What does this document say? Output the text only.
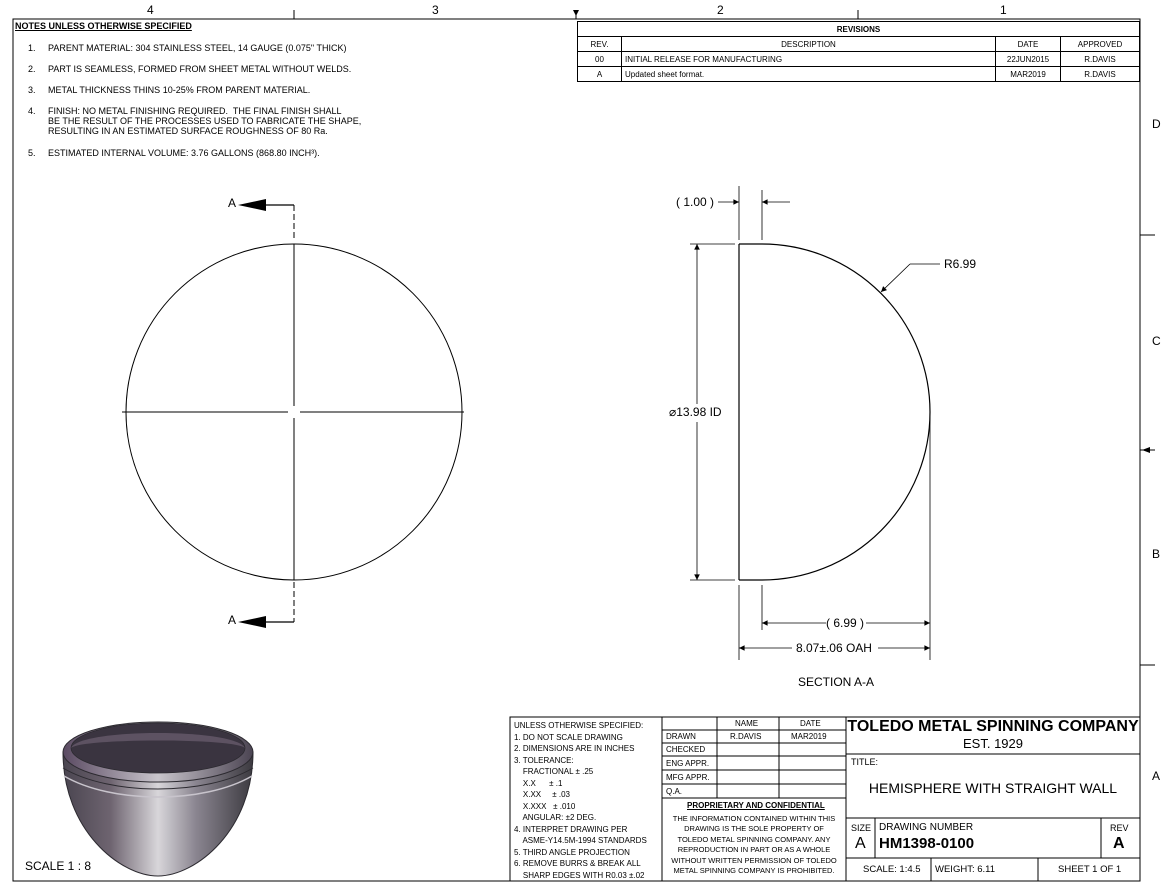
4	3	2	1
D
C
B
A
NOTES UNLESS OTHERWISE SPECIFIED
1. PARENT MATERIAL: 304 STAINLESS STEEL, 14 GAUGE (0.075" THICK)
2. PART IS SEAMLESS, FORMED FROM SHEET METAL WITHOUT WELDS.
3. METAL THICKNESS THINS 10-25% FROM PARENT MATERIAL.
4. FINISH: NO METAL FINISHING REQUIRED.  THE FINAL FINISH SHALL
BE THE RESULT OF THE PROCESSES USED TO FABRICATE THE SHAPE,
RESULTING IN AN ESTIMATED SURFACE ROUGHNESS OF 80 Ra.
5. ESTIMATED INTERNAL VOLUME: 3.76 GALLONS (868.80 INCH³).
REVISIONS			
REV.	DESCRIPTION	DATE	APPROVED
00	INITIAL RELEASE FOR MANUFACTURING	22JUN2015	R.DAVIS
A	Updated sheet format.	MAR2019	R.DAVIS
A
A
( 1.00 )
R6.99
⌀13.98 ID
( 6.99 )
8.07±.06 OAH
SECTION A-A
SCALE 1 : 8
UNLESS OTHERWISE SPECIFIED:
1. DO NOT SCALE DRAWING
2. DIMENSIONS ARE IN INCHES
3. TOLERANCE:
FRACTIONAL ± .25
X.X      ± .1
X.XX     ± .03
X.XXX   ± .010
ANGULAR: ±2 DEG.
4. INTERPRET DRAWING PER
ASME-Y14.5M-1994 STANDARDS
5. THIRD ANGLE PROJECTION
6. REMOVE BURRS & BREAK ALL
SHARP EDGES WITH R0.03 ±.02
NAME	DATE
DRAWN	R.DAVIS	MAR2019
CHECKED
ENG APPR.
MFG APPR.
Q.A.
PROPRIETARY AND CONFIDENTIAL
THE INFORMATION CONTAINED WITHIN THIS
DRAWING IS THE SOLE PROPERTY OF
TOLEDO METAL SPINNING COMPANY. ANY
REPRODUCTION IN PART OR AS A WHOLE
WITHOUT WRITTEN PERMISSION OF TOLEDO
METAL SPINNING COMPANY IS PROHIBITED.
TOLEDO METAL SPINNING COMPANY
EST. 1929
TITLE:
HEMISPHERE WITH STRAIGHT WALL
SIZE
A
DRAWING NUMBER
HM1398-0100
REV
A
SCALE: 1:4.5 WEIGHT: 6.11	SHEET 1 OF 1
